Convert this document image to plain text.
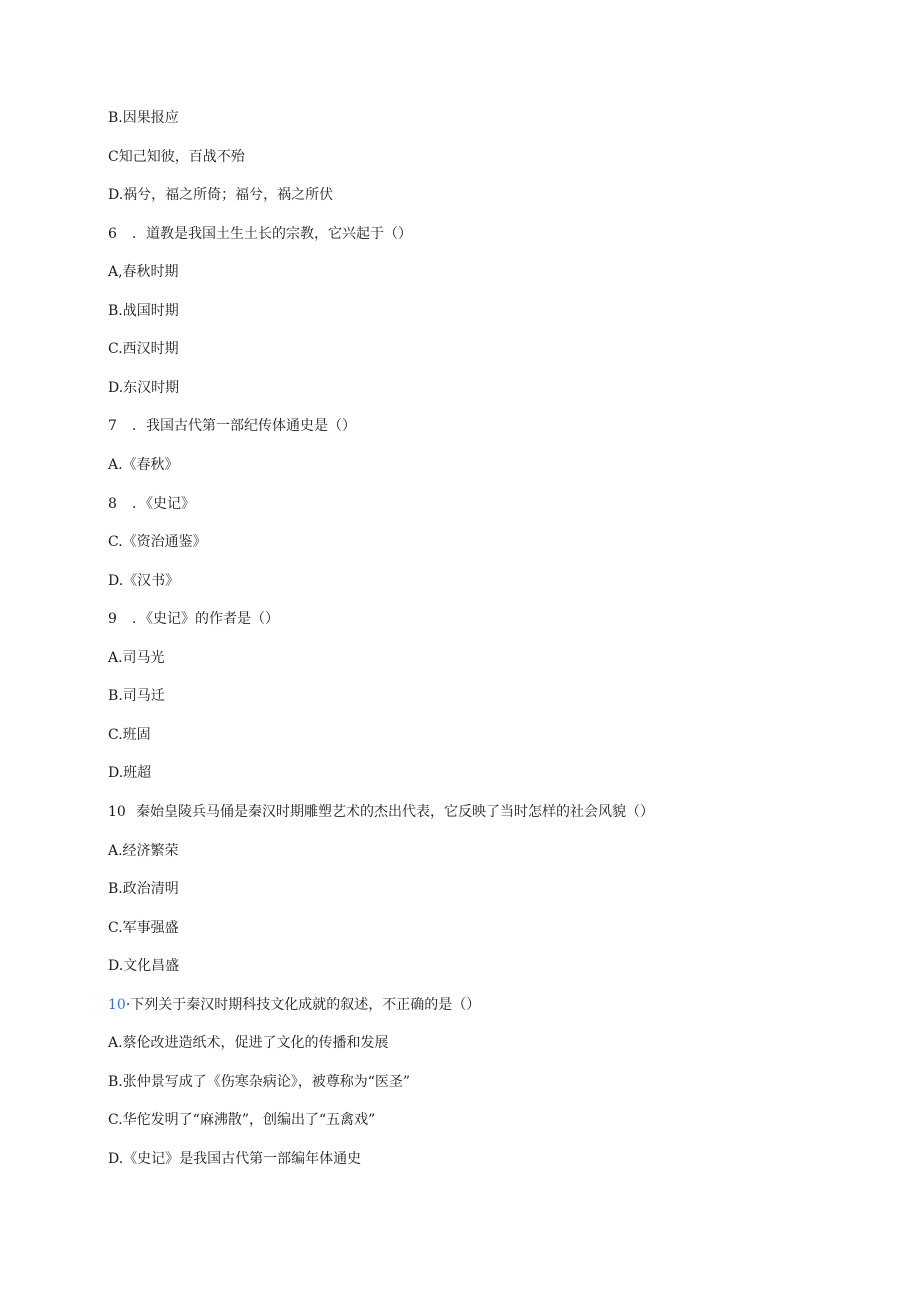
B.因果报应
C知己知彼，百战不殆
D.祸兮，福之所倚；福兮，祸之所伏
6 ．道教是我国土生土长的宗教，它兴起于（）
A,春秋时期
B.战国时期
C.西汉时期
D.东汉时期
7 ．我国古代第一部纪传体通史是（）
A.《春秋》
8 ．《史记》
C.《资治通鉴》
D.《汉书》
9 ．《史记》的作者是（）
A.司马光
B.司马迁
C.班固
D.班超
10 秦始皇陵兵马俑是秦汉时期雕塑艺术的杰出代表，它反映了当时怎样的社会风貌（）
A.经济繁荣
B.政治清明
C.军事强盛
D.文化昌盛
10·下列关于秦汉时期科技文化成就的叙述，不正确的是（）
A.蔡伦改进造纸术，促进了文化的传播和发展
B.张仲景写成了《伤寒杂病论》，被尊称为“医圣”
C.华佗发明了“麻沸散”，创编出了“五禽戏”
D.《史记》是我国古代第一部编年体通史
